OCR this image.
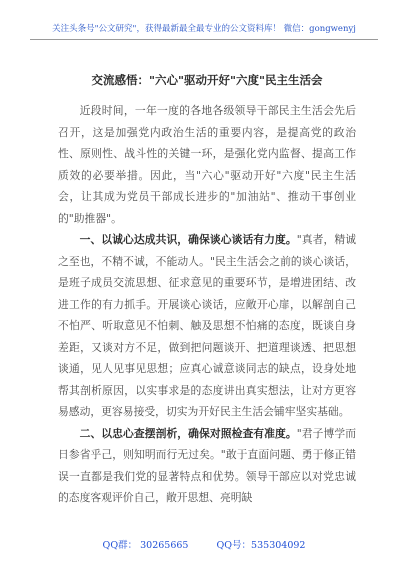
关注头条号"公文研究"，获得最新最全最专业的公文资料库！ 微信：gongwenyj
交流感悟："六心"驱动开好"六度"民主生活会

近段时间，一年一度的各地各级领导干部民主生活会先后召开，这是加强党内政治生活的重要内容，是提高党的政治性、原则性、战斗性的关键一环，是强化党内监督、提高工作质效的必要举措。因此，当"六心"驱动开好"六度"民主生活会，让其成为党员干部成长进步的"加油站"、推动干事创业的"助推器"。

一、以诚心达成共识，确保谈心谈话有力度。"真者，精诚之至也，不精不诚，不能动人。"民主生活会之前的谈心谈话，是班子成员交流思想、征求意见的重要环节，是增进团结、改进工作的有力抓手。开展谈心谈话，应敞开心扉，以解剖自己不怕严、听取意见不怕刺、触及思想不怕痛的态度，既谈自身差距，又谈对方不足，做到把问题谈开、把道理谈透、把思想谈通，见人见事见思想；应真心诚意谈同志的缺点，设身处地帮其剖析原因，以实事求是的态度讲出真实想法，让对方更容易感动，更容易接受，切实为开好民主生活会铺牢坚实基础。

二、以忠心查摆剖析，确保对照检查有准度。"君子博学而日参省乎己，则知明而行无过矣。"敢于直面问题、勇于修正错误一直都是我们党的显著特点和优势。领导干部应以对党忠诚的态度客观评价自己，敞开思想、亮明缺

QQ群： 30265665	QQ号：535304092
